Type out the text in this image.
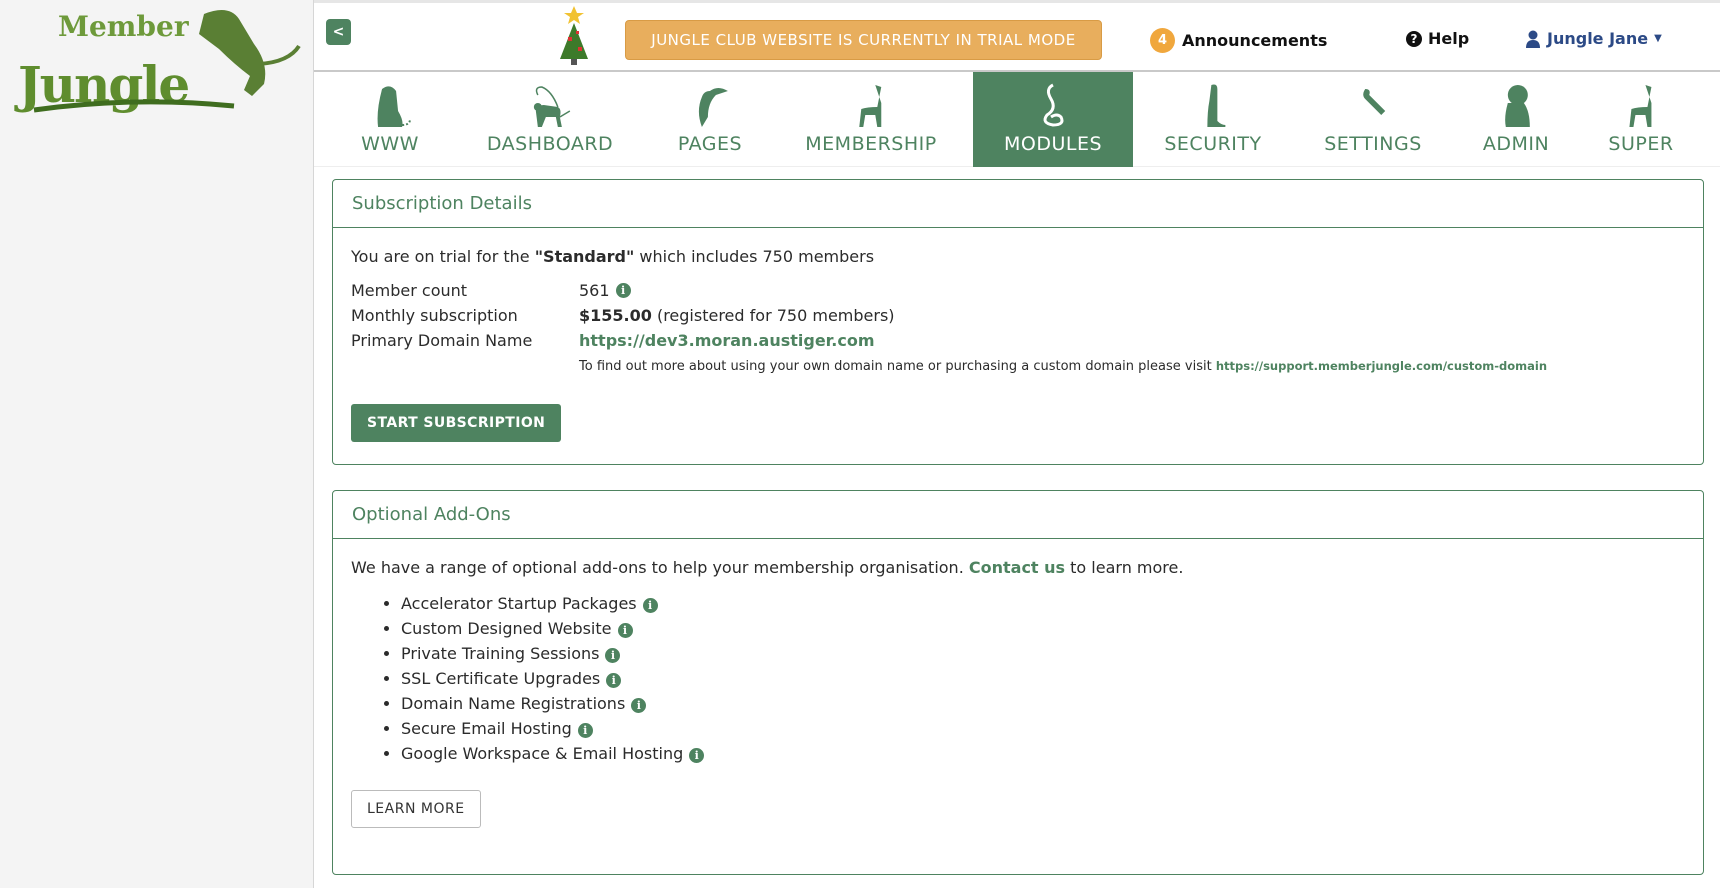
Member
Jungle
<	JUNGLE CLUB WEBSITE IS CURRENTLY IN TRIAL MODE	4 Announcements	? Help	Jungle Jane ▼
WWW	DASHBOARD	PAGES	MEMBERSHIP	MODULES	SECURITY	SETTINGS	ADMIN	SUPER
Subscription Details
You are on trial for the "Standard" which includes 750 members
Member count	561	i
Monthly subscription	$155.00 (registered for 750 members)
Primary Domain Name	https://dev3.moran.austiger.com
To find out more about using your own domain name or purchasing a custom domain please visit https://support.memberjungle.com/custom-domain
START SUBSCRIPTION
Optional Add-Ons
We have a range of optional add-ons to help your membership organisation. Contact us to learn more.
• Accelerator Startup Packages i
• Custom Designed Website i
• Private Training Sessions i
• SSL Certificate Upgrades i
• Domain Name Registrations i
• Secure Email Hosting i
• Google Workspace & Email Hosting i
LEARN MORE
